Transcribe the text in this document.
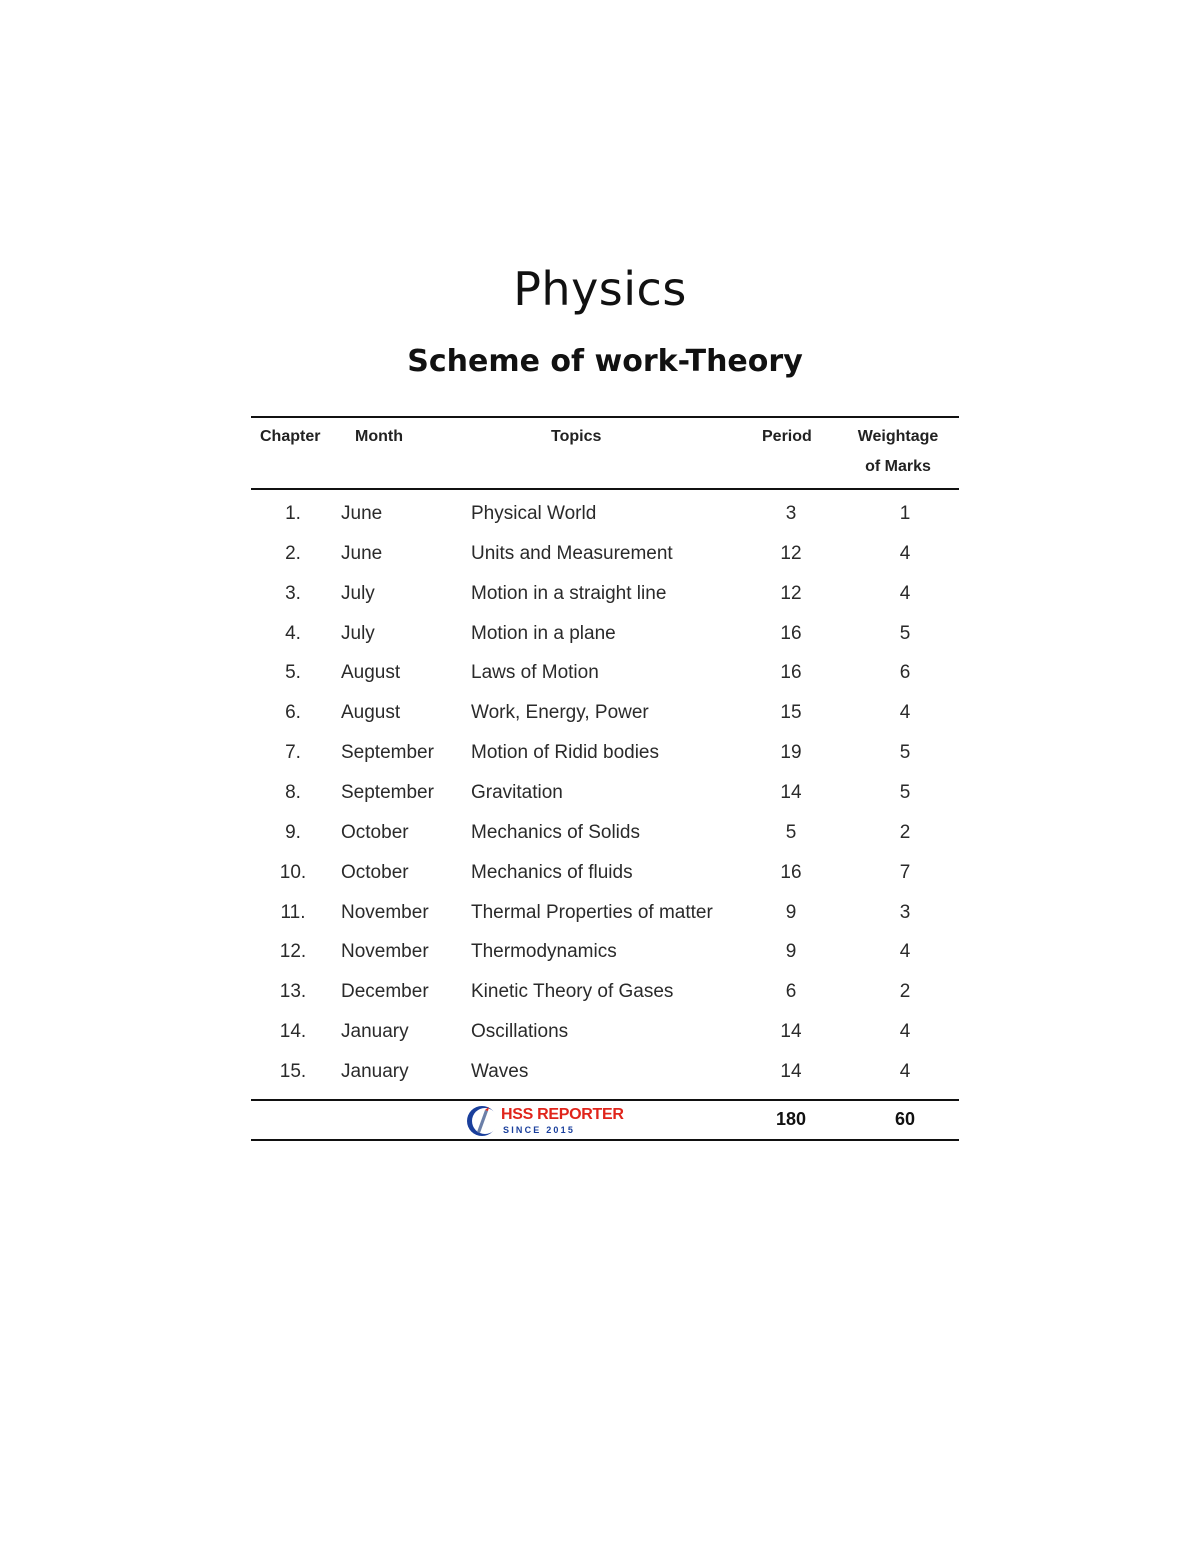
Physics
Scheme of work-Theory
Chapter Month	Topics	Period	Weightage
of Marks
1.	June	Physical World	3	1
2.	June	Units and Measurement	12	4
3.	July	Motion in a straight line	12	4
4.	July	Motion in a plane	16	5
5.	August	Laws of Motion	16	6
6.	August	Work, Energy, Power	15	4
7.	September Motion of Ridid bodies	19	5
8.	September Gravitation	14	5
9.	October	Mechanics of Solids	5	2
10.	October	Mechanics of fluids	16	7
11.	November Thermal Properties of matter	9	3
12.	November Thermodynamics	9	4
13.	December Kinetic Theory of Gases	6	2
14.	January	Oscillations	14	4
15.	January	Waves	14	4
HSS REPORTER
SINCE 2015
180	60
